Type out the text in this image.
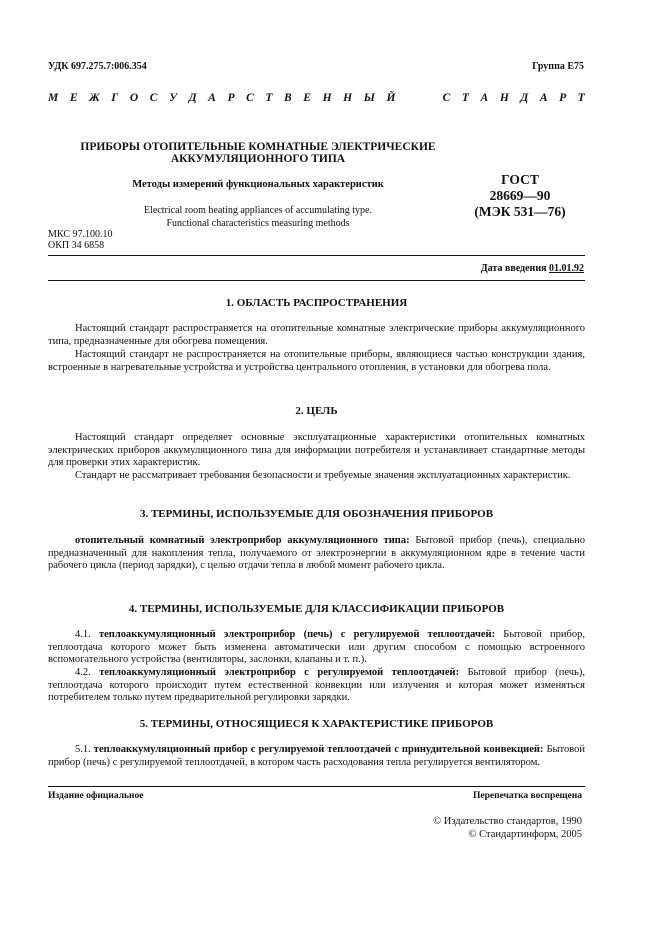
УДК 697.275.7:006.354	Группа Е75
М Е Ж Г О С У Д А Р С Т В Е Н Н Ы Й	С Т А Н Д А Р Т
ПРИБОРЫ ОТОПИТЕЛЬНЫЕ КОМНАТНЫЕ ЭЛЕКТРИЧЕСКИЕ
АККУМУЛЯЦИОННОГО ТИПА
Методы измерений функциональных характеристик
Electrical room heating appliances of accumulating type.
Functional characteristics measuring methods
МКС 97.100.10
ОКП 34 6858
ГОСТ
28669—90
(МЭК 531—76)
Дата введения 01.01.92
1. ОБЛАСТЬ РАСПРОСТРАНЕНИЯ
Настоящий стандарт распространяется на отопительные комнатные электрические приборы аккумуляционного типа, предназначенные для обогрева помещения.
Настоящий стандарт не распространяется на отопительные приборы, являющиеся частью конструкции здания, встроенные в нагревательные устройства и устройства центрального отопления, в установки для обогрева пола.
2. ЦЕЛЬ
Настоящий стандарт определяет основные эксплуатационные характеристики отопительных комнатных электрических приборов аккумуляционного типа для информации потребителя и устанавливает стандартные методы для проверки этих характеристик.
Стандарт не рассматривает требования безопасности и требуемые значения эксплуатационных характеристик.
3. ТЕРМИНЫ, ИСПОЛЬЗУЕМЫЕ ДЛЯ ОБОЗНАЧЕНИЯ ПРИБОРОВ
отопительный комнатный электроприбор аккумуляционного типа: Бытовой прибор (печь), специально предназначенный для накопления тепла, получаемого от электроэнергии в аккумуляционном ядре в течение части рабочего цикла (период зарядки), с целью отдачи тепла в любой момент рабочего цикла.
4. ТЕРМИНЫ, ИСПОЛЬЗУЕМЫЕ ДЛЯ КЛАССИФИКАЦИИ ПРИБОРОВ
4.1. теплоаккумуляционный электроприбор (печь) с регулируемой теплоотдачей: Бытовой прибор, теплоотдача которого может быть изменена автоматически или другим способом с помощью встроенного вспомогательного устройства (вентиляторы, заслонки, клапаны и т. п.).
4.2. теплоаккумуляционный электроприбор с регулируемой теплоотдачей: Бытовой прибор (печь), теплоотдача которого происходит путем естественной конвекции или излучения и которая может изменяться потребителем только путем предварительной регулировки зарядки.
5. ТЕРМИНЫ, ОТНОСЯЩИЕСЯ К ХАРАКТЕРИСТИКЕ ПРИБОРОВ
5.1. теплоаккумуляционный прибор с регулируемой теплоотдачей с принудительной конвекцией: Бытовой прибор (печь) с регулируемой теплоотдачей, в котором часть расходования тепла регулируется вентилятором.
Издание официальное	Перепечатка воспрещена
© Издательство стандартов, 1990
© Стандартинформ, 2005
